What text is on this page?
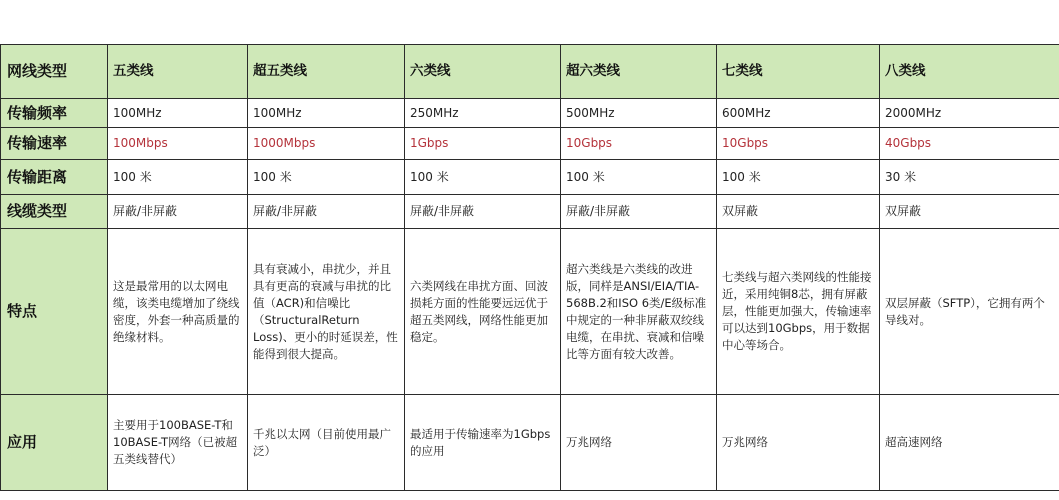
网线类型	五类线	超五类线	六类线	超六类线	七类线	八类线
传输频率	100MHz	100MHz	250MHz	500MHz	600MHz	2000MHz
传输速率	100Mbps	1000Mbps	1Gbps	10Gbps	10Gbps	40Gbps
传输距离	100 米	100 米	100 米	100 米	100 米	30 米
线缆类型	屏蔽/非屏蔽	屏蔽/非屏蔽	屏蔽/非屏蔽	屏蔽/非屏蔽	双屏蔽	双屏蔽
特点	这是最常用的以太网电缆，该类电缆增加了绕线密度，外套一种高质量的绝缘材料。	具有衰减小，串扰少，并且具有更高的衰减与串扰的比值（ACR)和信噪比（StructuralReturn Loss)、更小的时延误差，性能得到很大提高。	六类网线在串扰方面、回波损耗方面的性能要远远优于超五类网线，网络性能更加稳定。	超六类线是六类线的改进版，同样是ANSI/EIA/TIA-568B.2和ISO 6类/E级标准中规定的一种非屏蔽双绞线电缆，在串扰、衰减和信噪比等方面有较大改善。	七类线与超六类网线的性能接近，采用纯铜8芯，拥有屏蔽层，性能更加强大，传输速率可以达到10Gbps，用于数据中心等场合。	双层屏蔽（SFTP），它拥有两个导线对。

应用	主要用于100BASE-T和10BASE-T网络（已被超五类线替代）	千兆以太网（目前使用最广泛）	最适用于传输速率为1Gbps的应用	万兆网络	万兆网络	超高速网络
